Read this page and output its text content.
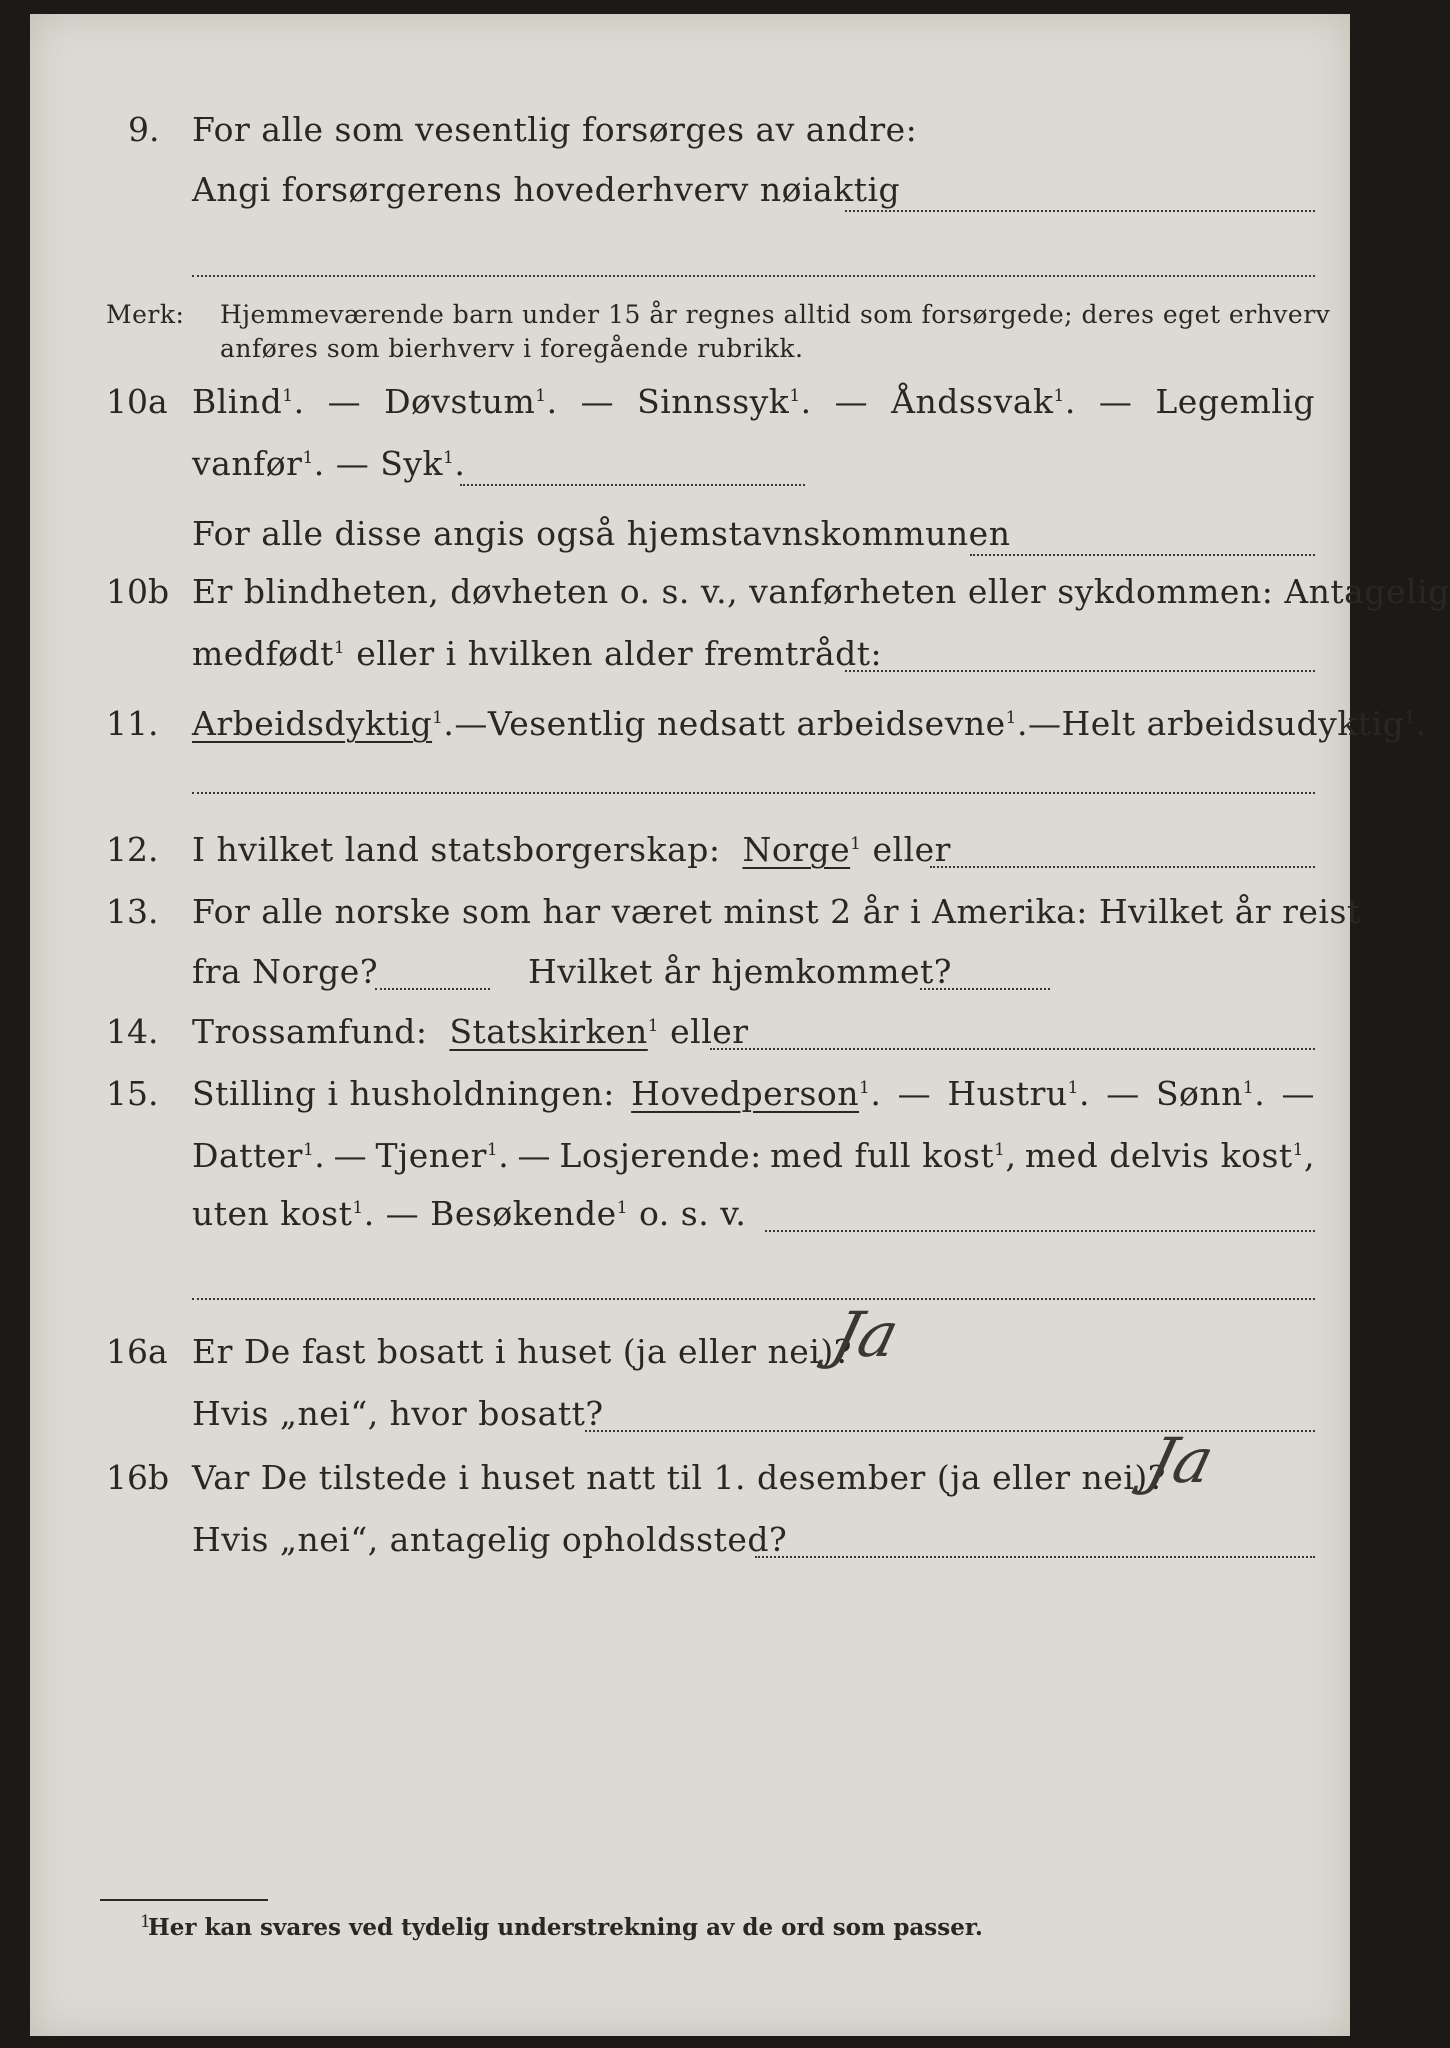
9. For alle som vesentlig forsørges av andre:
Angi forsørgerens hovederhverv nøiaktig
Merk: Hjemmeværende barn under 15 år regnes alltid som forsørgede; deres eget erhverv
anføres som bierhverv i foregående rubrikk.
10a Blind$^1$. — Døvstum$^1$. — Sinnssyk$^1$. — Åndssvak$^1$. — Legemlig
vanfør$^1$. — Syk$^1$.
For alle disse angis også hjemstavnskommunen
10b Er blindheten, døvheten o. s. v., vanførheten eller sykdommen: Antagelig
medfødt$^1$ eller i hvilken alder fremtrådt:
11. Arbeidsdyktig$^1$. — Vesentlig nedsatt arbeidsevne$^1$. — Helt arbeidsudyktig$^1$.
12. I hvilket land statsborgerskap: Norge$^1$ eller
13. For alle norske som har været minst 2 år i Amerika: Hvilket år reist
fra Norge?	Hvilket år hjemkommet?
14. Trossamfund: Statskirken$^1$ eller
15. Stilling i husholdningen: Hovedperson$^1$. — Hustru$^1$. — Sønn$^1$. —
Datter$^1$. — Tjener$^1$. — Losjerende: med full kost$^1$, med delvis kost$^1$,
uten kost$^1$. — Besøkende$^1$ o. s. v.
16a Er De fast bosatt i huset (ja eller nei)?
Ja
Hvis „nei“, hvor bosatt?
16b Var De tilstede i huset natt til 1. desember (ja eller nei)?
Ja
Hvis „nei“, antagelig opholdssted?
1
Her kan svares ved tydelig understrekning av de ord som passer.
